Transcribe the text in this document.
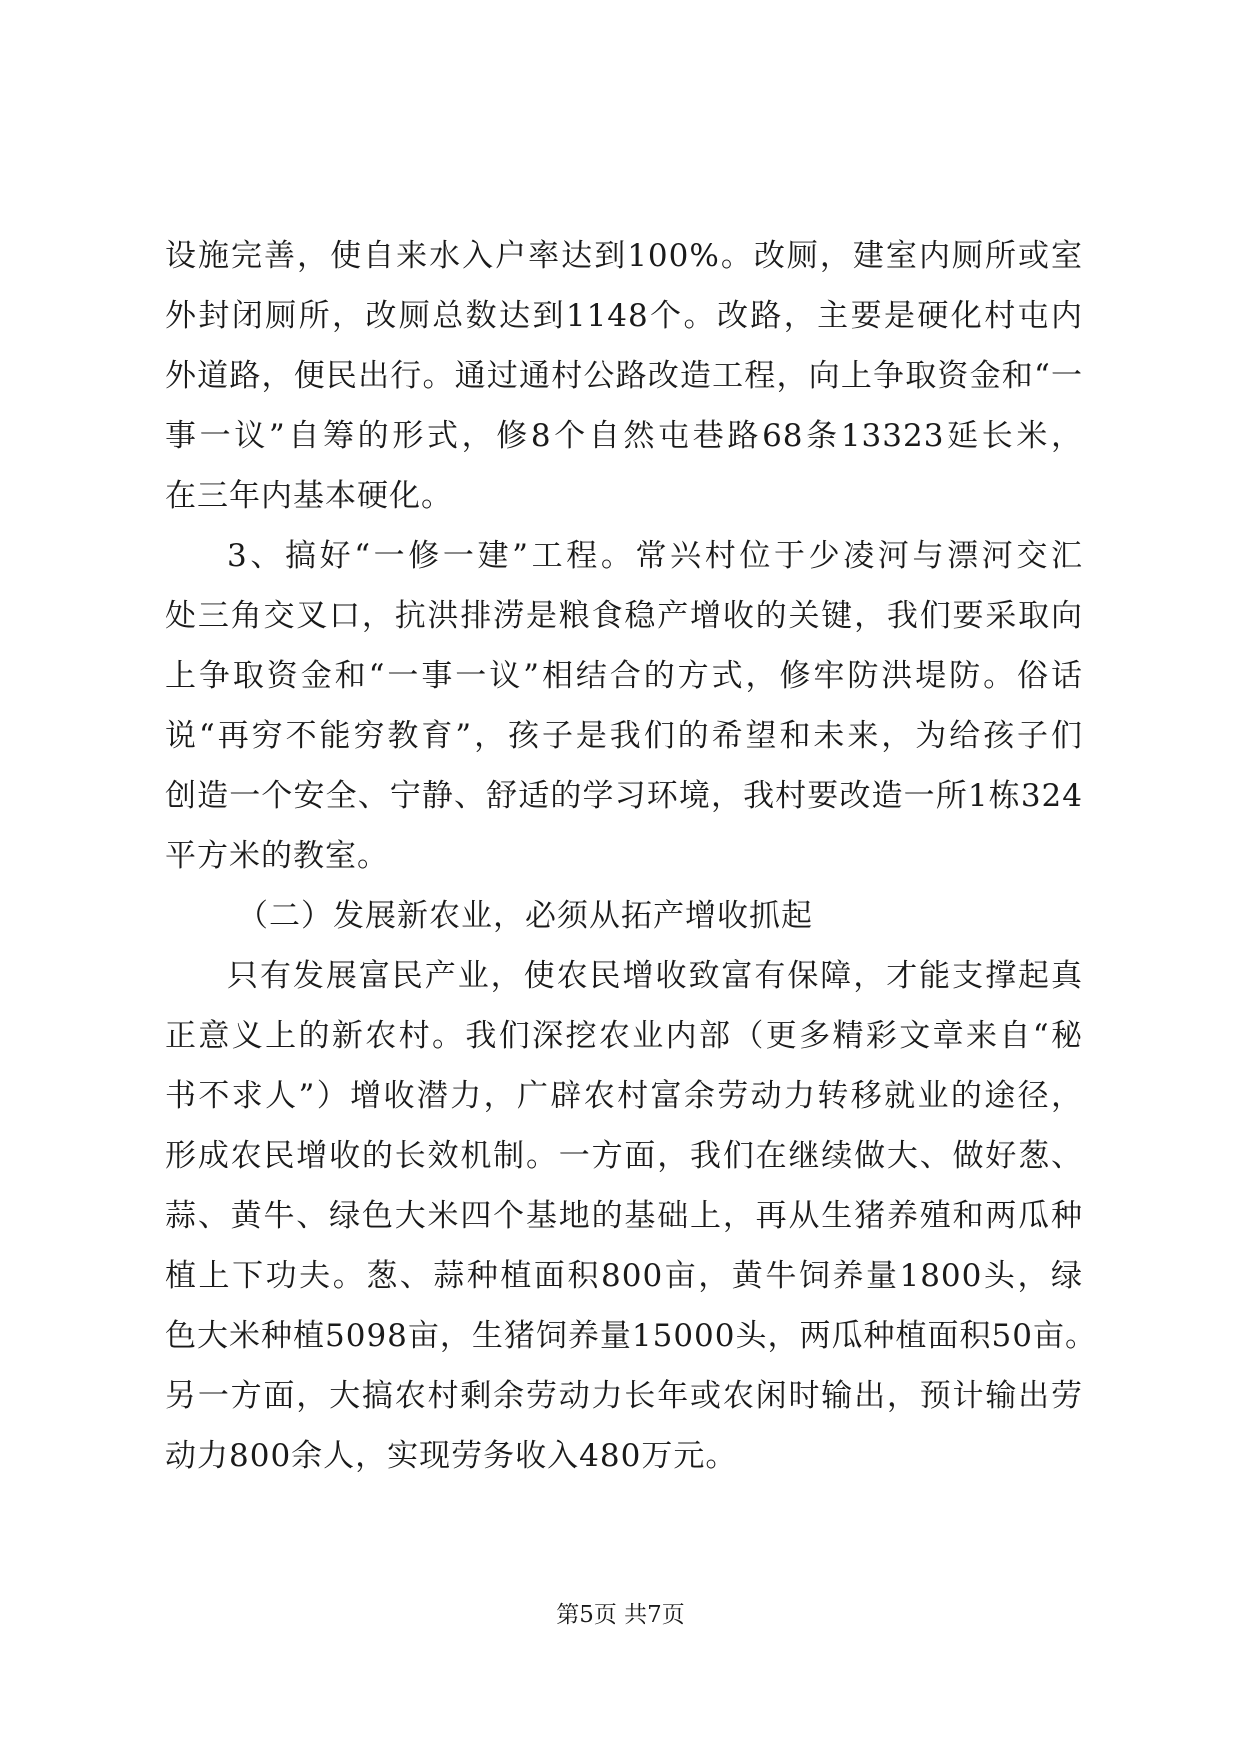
设施完善，使自来水入户率达到100%。改厕，建室内厕所或室
外封闭厕所，改厕总数达到1148个。改路，主要是硬化村屯内
外道路，便民出行。通过通村公路改造工程，向上争取资金和“一
事一议”自筹的形式，修8个自然屯巷路68条13323延长米，
在三年内基本硬化。
3、搞好“一修一建”工程。常兴村位于少凌河与漂河交汇
处三角交叉口，抗洪排涝是粮食稳产增收的关键，我们要采取向
上争取资金和“一事一议”相结合的方式，修牢防洪堤防。俗话
说“再穷不能穷教育”，孩子是我们的希望和未来，为给孩子们
创造一个安全、宁静、舒适的学习环境，我村要改造一所1栋324
平方米的教室。
（二）发展新农业，必须从拓产增收抓起
只有发展富民产业，使农民增收致富有保障，才能支撑起真
正意义上的新农村。我们深挖农业内部（更多精彩文章来自“秘
书不求人”）增收潜力，广辟农村富余劳动力转移就业的途径，
形成农民增收的长效机制。一方面，我们在继续做大、做好葱、
蒜、黄牛、绿色大米四个基地的基础上，再从生猪养殖和两瓜种
植上下功夫。葱、蒜种植面积800亩，黄牛饲养量1800头，绿
色大米种植5098亩，生猪饲养量15000头，两瓜种植面积50亩。
另一方面，大搞农村剩余劳动力长年或农闲时输出，预计输出劳
动力800余人，实现劳务收入480万元。
第5页 共7页
